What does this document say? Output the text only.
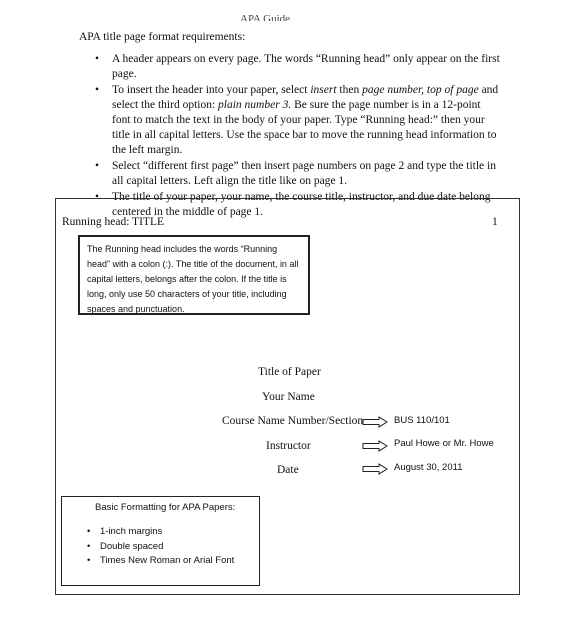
APA Guide
APA title page format requirements:
• A header appears on every page. The words “Running head” only appear on the first page.
• To insert the header into your paper, select insert then page number, top of page and select the third option: plain number 3. Be sure the page number is in a 12-point font to match the text in the body of your paper. Type “Running head:” then your title in all capital letters. Use the space bar to move the running head information to the left margin.
• Select “different first page” then insert page numbers on page 2 and type the title in all capital letters. Left align the title like on page 1.
• The title of your paper, your name, the course title, instructor, and due date belong centered in the middle of page 1.
Running head: TITLE	1
The Running head includes the words “Running head” with a colon (:). The title of the document, in all capital letters, belongs after the colon. If the title is long, only use 50 characters of your title, including spaces and punctuation.
Title of Paper
Your Name
Course Name Number/Section
Instructor
Date
BUS 110/101
Paul Howe or Mr. Howe
August 30, 2011
Basic Formatting for APA Papers:
• 1-inch margins
• Double spaced
• Times New Roman or Arial Font
